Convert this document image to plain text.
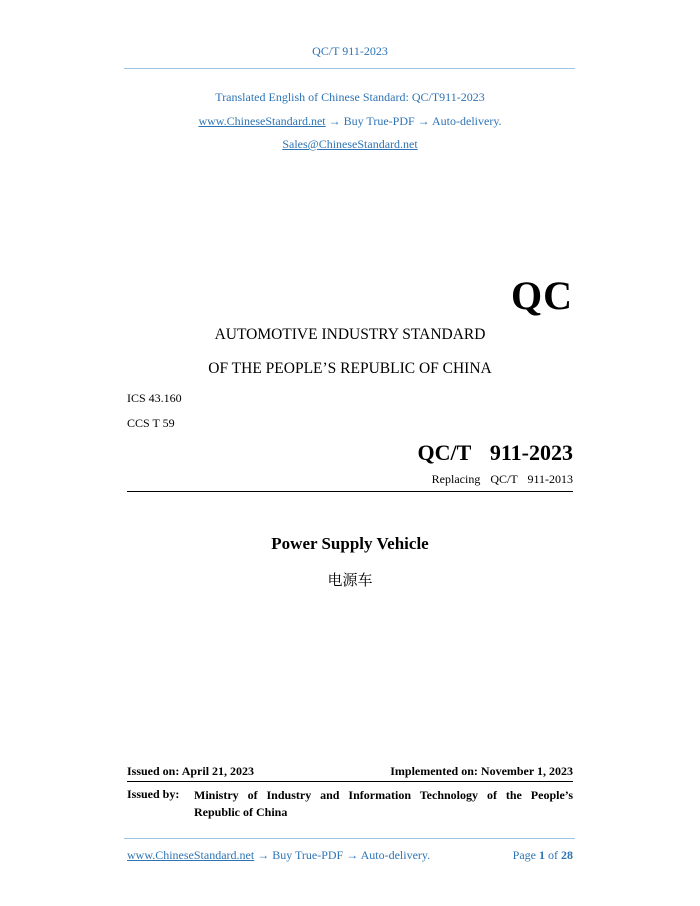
QC/T 911-2023
Translated English of Chinese Standard: QC/T911-2023
www.ChineseStandard.net → Buy True-PDF → Auto-delivery.
Sales@ChineseStandard.net
QC
AUTOMOTIVE INDUSTRY STANDARD
OF THE PEOPLE’S REPUBLIC OF CHINA
ICS 43.160
CCS T 59
QC/T  911-2023
Replacing  QC/T  911-2013
Power Supply Vehicle
电源车
Issued on: April 21, 2023	Implemented on: November 1, 2023
Issued by: Ministry of Industry and Information Technology of the People’s Republic of China
www.ChineseStandard.net → Buy True-PDF → Auto-delivery.	Page 1 of 28
